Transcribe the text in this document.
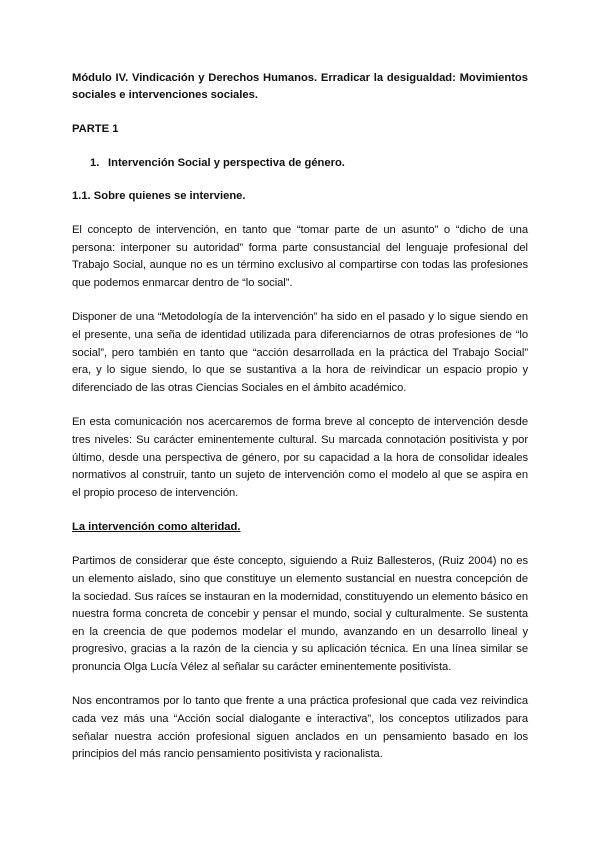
Módulo IV. Vindicación y Derechos Humanos. Erradicar la desigualdad: Movimientos sociales e intervenciones sociales.

PARTE 1

1. Intervención Social y perspectiva de género.

1.1. Sobre quienes se interviene.

El concepto de intervención, en tanto que “tomar parte de un asunto” o “dicho de una persona: interponer su autoridad” forma parte consustancial del lenguaje profesional del Trabajo Social, aunque no es un término exclusivo al compartirse con todas las profesiones que podemos enmarcar dentro de “lo social”.

Disponer de una “Metodología de la intervención” ha sido en el pasado y lo sigue siendo en el presente, una seña de identidad utilizada para diferenciarnos de otras profesiones de “lo social”, pero también en tanto que “acción desarrollada en la práctica del Trabajo Social” era, y lo sigue siendo, lo que se sustantiva a la hora de reivindicar un espacio propio y diferenciado de las otras Ciencias Sociales en el ámbito académico.

En esta comunicación nos acercaremos de forma breve al concepto de intervención desde tres niveles: Su carácter eminentemente cultural. Su marcada connotación positivista y por último, desde una perspectiva de género, por su capacidad a la hora de consolidar ideales normativos al construir, tanto un sujeto de intervención como el modelo al que se aspira en el propio proceso de intervención.

La intervención como alteridad.

Partimos de considerar que éste concepto, siguiendo a Ruiz Ballesteros, (Ruiz 2004) no es un elemento aislado, sino que constituye un elemento sustancial en nuestra concepción de la sociedad. Sus raíces se instauran en la modernidad, constituyendo un elemento básico en nuestra forma concreta de concebir y pensar el mundo, social y culturalmente. Se sustenta en la creencia de que podemos modelar el mundo, avanzando en un desarrollo lineal y progresivo, gracias a la razón de la ciencia y su aplicación técnica. En una línea similar se pronuncia Olga Lucía Vélez al señalar su carácter eminentemente positivista.

Nos encontramos por lo tanto que frente a una práctica profesional que cada vez reivindica cada vez más una “Acción social dialogante e interactiva”, los conceptos utilizados para señalar nuestra acción profesional siguen anclados en un pensamiento basado en los principios del más rancio pensamiento positivista y racionalista.
